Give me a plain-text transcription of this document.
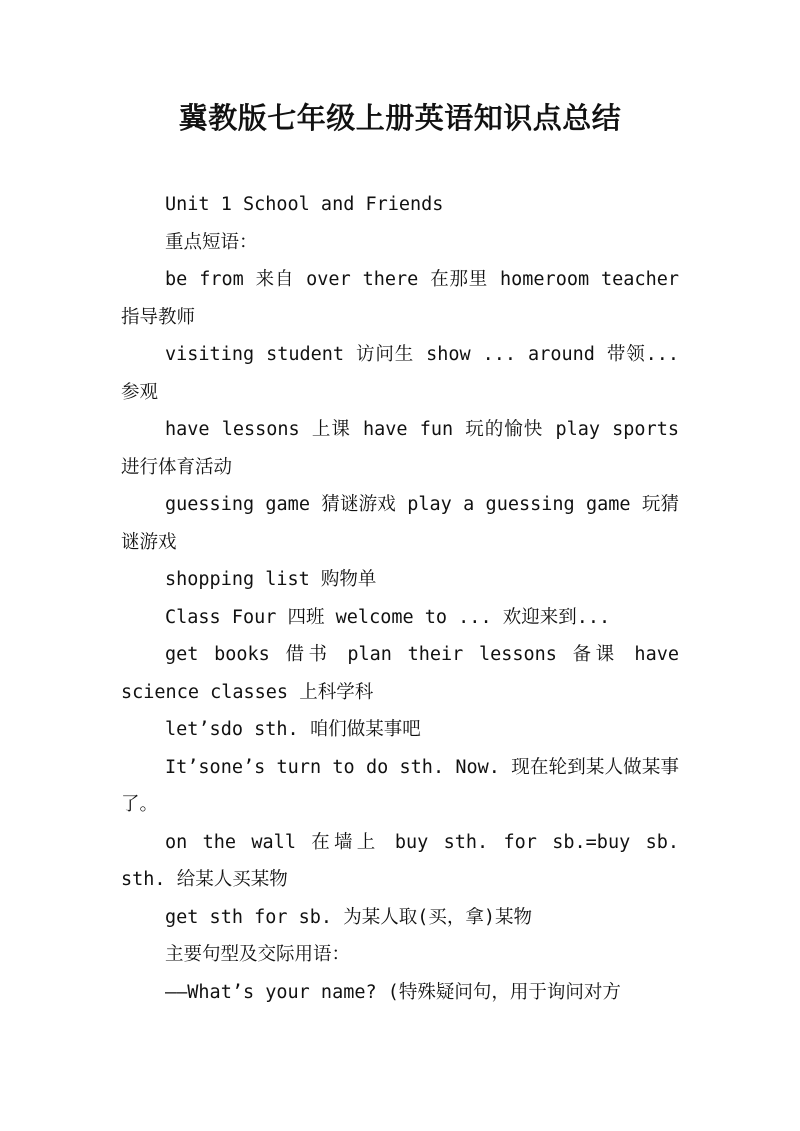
冀教版七年级上册英语知识点总结

Unit 1 School and Friends

重点短语：

be from 来自 over there 在那里 homeroom teacher 指导教师

visiting student 访问生 show ... around 带领... 参观

have lessons 上课 have fun 玩的愉快 play sports 进行体育活动

guessing game 猜谜游戏 play a guessing game 玩猜谜游戏

shopping list 购物单

Class Four 四班 welcome to ... 欢迎来到...

get books 借书 plan their lessons 备课 have science classes 上科学科

let’sdo sth. 咱们做某事吧

It’sone’s turn to do sth. Now. 现在轮到某人做某事了。

on the wall 在墙上 buy sth. for sb.=buy sb. sth. 给某人买某物

get sth for sb. 为某人取(买，拿)某物

主要句型及交际用语：

——What’s your name? (特殊疑问句，用于询问对方
